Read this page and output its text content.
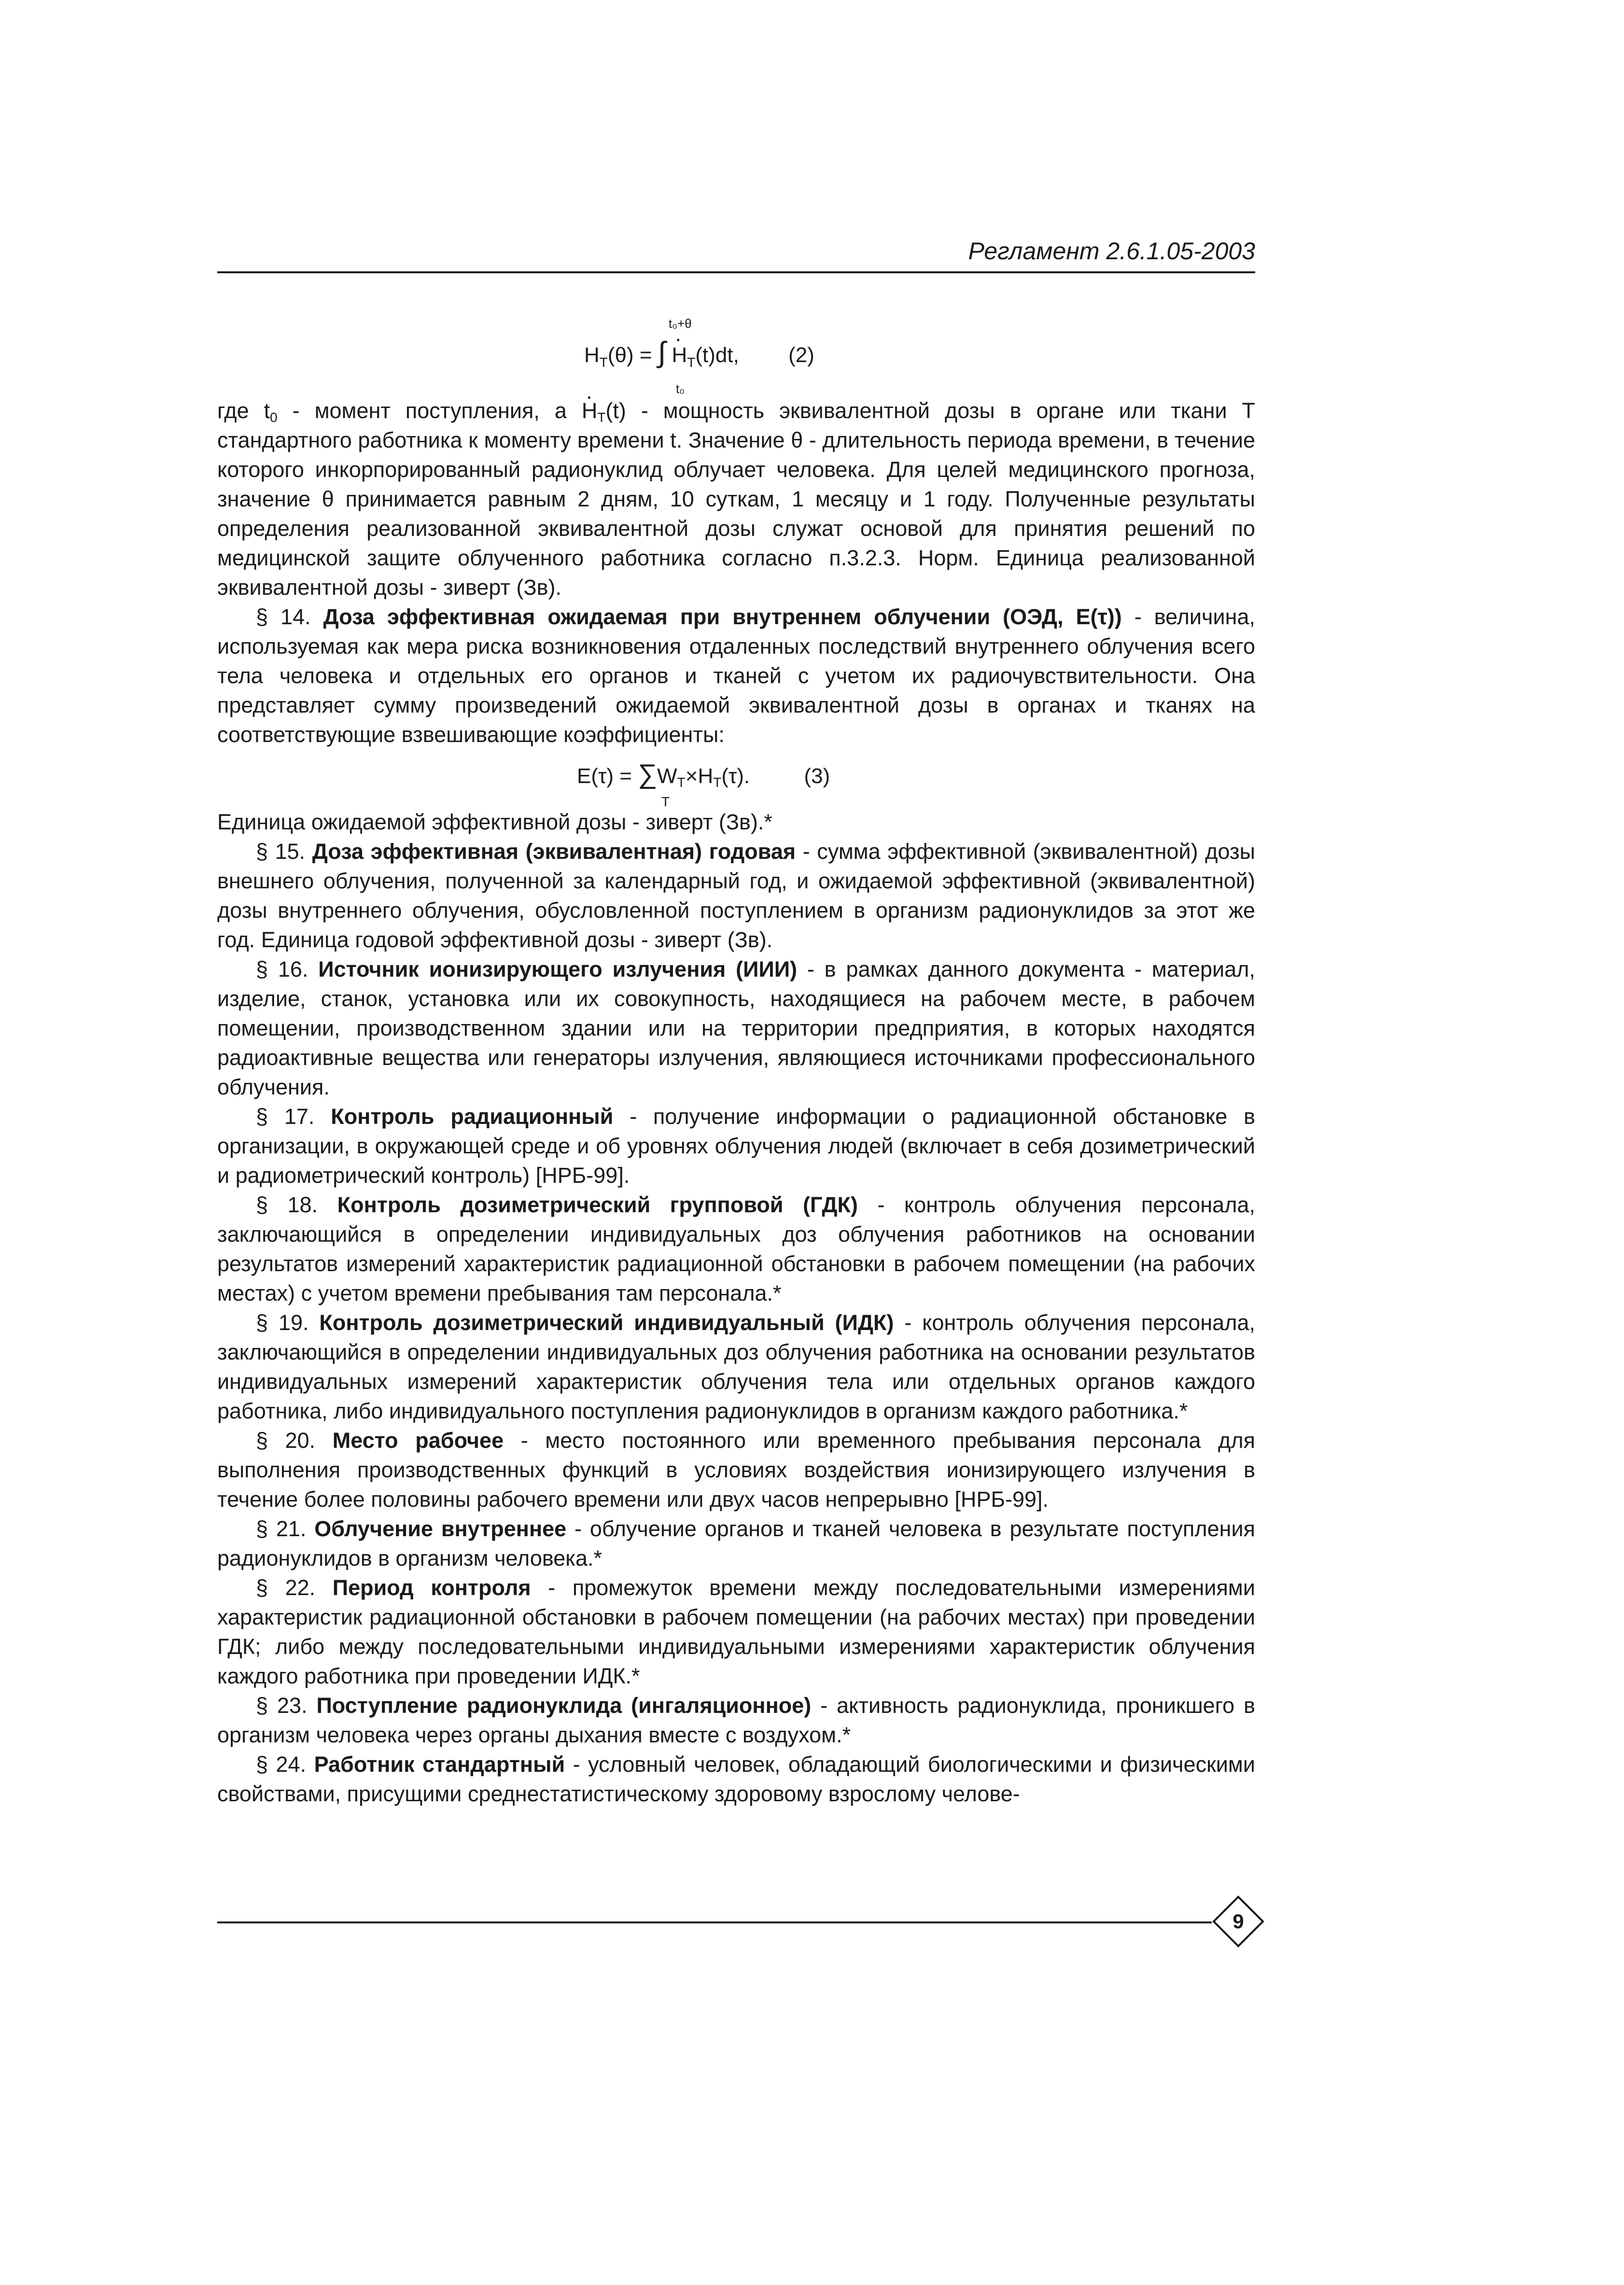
Регламент 2.6.1.05-2003
t₀+θ
$H_T(\theta)$ = ∫ · $H_T(t)dt$, (2)
t₀

где $t_0$ - момент поступления, $а \cdot H_T(t)$ - мощность эквивалентной дозы в органе или ткани T стандартного работника к моменту времени t. Значение θ - длительность периода времени, в течение которого инкорпорированный радионуклид облучает человека. Для целей медицинского прогноза, значение θ принимается равным 2 дням, 10 суткам, 1 месяцу и 1 году. Полученные результаты определения реализованной эквивалентной дозы служат основой для принятия решений по медицинской защите облученного работника согласно п.3.2.3. Норм. Единица реализованной эквивалентной дозы - зиверт (Зв).

§ 14. Доза эффективная ожидаемая при внутреннем облучении (ОЭД, E(τ)) - величина, используемая как мера риска возникновения отдаленных последствий внутреннего облучения всего тела человека и отдельных его органов и тканей с учетом их радиочувствительности. Она представляет сумму произведений ожидаемой эквивалентной дозы в органах и тканях на соответствующие взвешивающие коэффициенты:

$E(\tau) = \sum W_T\times H_T(\tau)$.	(3)
T

Единица ожидаемой эффективной дозы - зиверт (Зв).*

§ 15. Доза эффективная (эквивалентная) годовая - сумма эффективной (эквивалентной) дозы внешнего облучения, полученной за календарный год, и ожидаемой эффективной (эквивалентной) дозы внутреннего облучения, обусловленной поступлением в организм радионуклидов за этот же год. Единица годовой эффективной дозы - зиверт (Зв).

§ 16. Источник ионизирующего излучения (ИИИ) - в рамках данного документа - материал, изделие, станок, установка или их совокупность, находящиеся на рабочем месте, в рабочем помещении, производственном здании или на территории предприятия, в которых находятся радиоактивные вещества или генераторы излучения, являющиеся источниками профессионального облучения.

§ 17. Контроль радиационный - получение информации о радиационной обстановке в организации, в окружающей среде и об уровнях облучения людей (включает в себя дозиметрический и радиометрический контроль) [НРБ-99].

§ 18. Контроль дозиметрический групповой (ГДК) - контроль облучения персонала, заключающийся в определении индивидуальных доз облучения работников на основании результатов измерений характеристик радиационной обстановки в рабочем помещении (на рабочих местах) с учетом времени пребывания там персонала.*

§ 19. Контроль дозиметрический индивидуальный (ИДК) - контроль облучения персонала, заключающийся в определении индивидуальных доз облучения работника на основании результатов индивидуальных измерений характеристик облучения тела или отдельных органов каждого работника, либо индивидуального поступления радионуклидов в организм каждого работника.*

§ 20. Место рабочее - место постоянного или временного пребывания персонала для выполнения производственных функций в условиях воздействия ионизирующего излучения в течение более половины рабочего времени или двух часов непрерывно [НРБ-99].

§ 21. Облучение внутреннее - облучение органов и тканей человека в результате поступления радионуклидов в организм человека.*

§ 22. Период контроля - промежуток времени между последовательными измерениями характеристик радиационной обстановки в рабочем помещении (на рабочих местах) при проведении ГДК; либо между последовательными индивидуальными измерениями характеристик облучения каждого работника при проведении ИДК.*

§ 23. Поступление радионуклида (ингаляционное) - активность радионуклида, проникшего в организм человека через органы дыхания вместе с воздухом.*

§ 24. Работник стандартный - условный человек, обладающий биологическими и физическими свойствами, присущими среднестатистическому здоровому взрослому челове-

9
